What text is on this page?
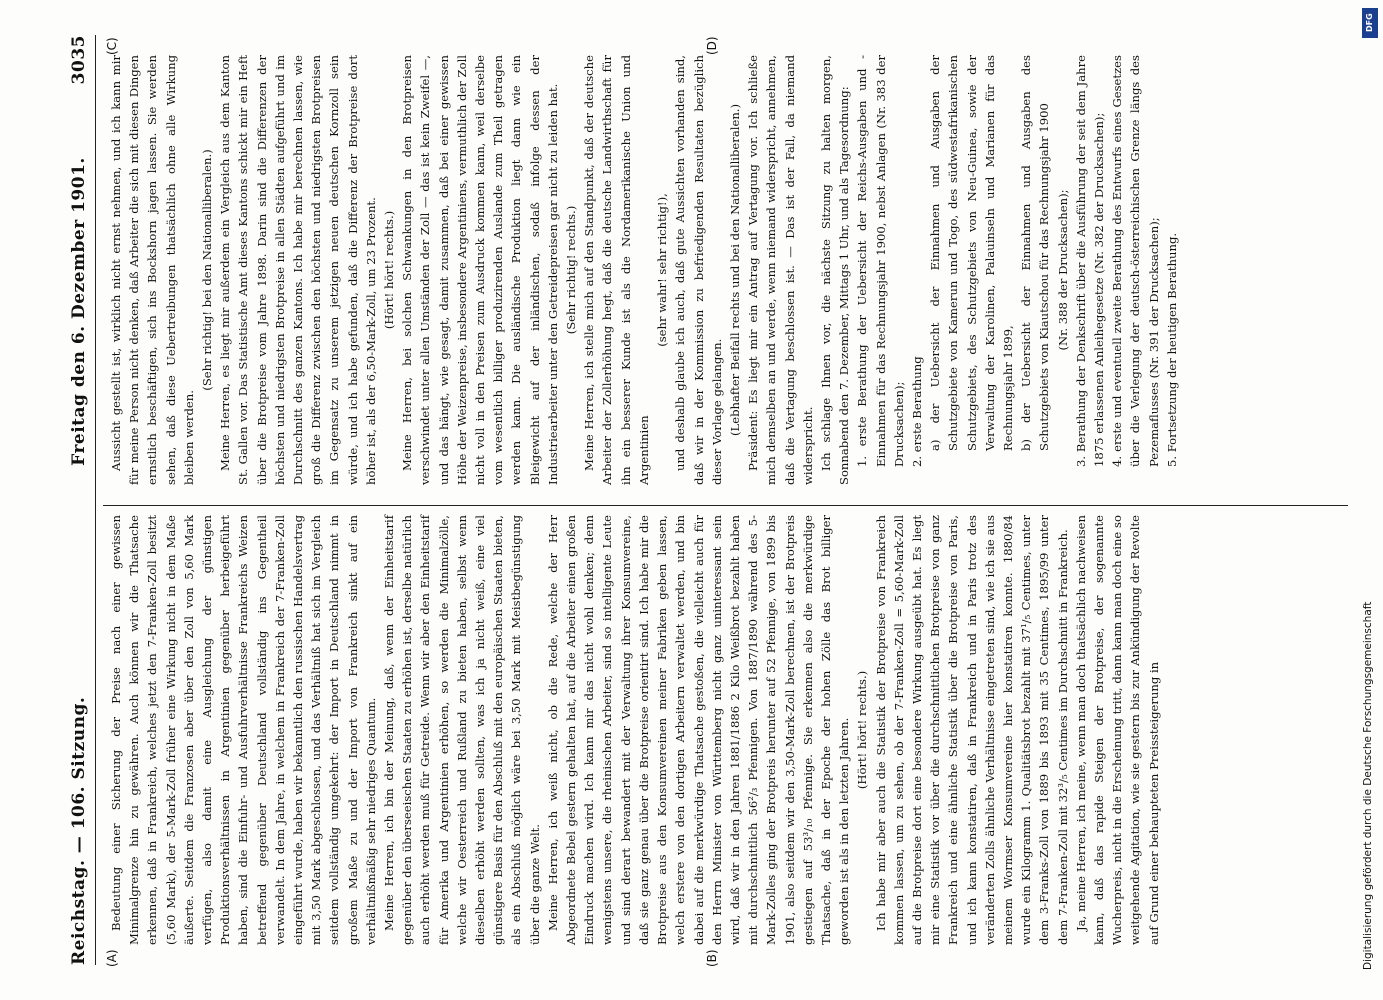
Reichstag. — 106. Sitzung.
Freitag den 6. Dezember 1901.  3035
(A)	(B)
(C)	(D)

Bedeutung einer Sicherung der Preise nach einer gewissen Minimalgrenze hin zu gewähren. Auch können wir die Thatsache erkennen, daß in Frankreich, welches jetzt den 7-Franken-Zoll besitzt (5,60 Mark), der 5-Mark-Zoll früher eine Wirkung nicht in dem Maße äußerte. Seitdem die Franzosen aber über den Zoll von 5,60 Mark verfügen, also damit eine Ausgleichung der günstigen Produktionsverhältnissen in Argentinien gegenüber herbeigeführt haben, sind die Einfuhr- und Ausfuhrverhältnisse Frankreichs Weizen betreffend gegenüber Deutschland vollständig ins Gegentheil verwandelt. In dem Jahre, in welchem in Frankreich der 7-Franken-Zoll eingeführt wurde, haben wir bekanntlich den russischen Handelsvertrag mit 3,50 Mark abgeschlossen, und das Verhältniß hat sich im Vergleich seitdem vollständig umgekehrt: der Import in Deutschland nimmt in großem Maße zu und der Import von Frankreich sinkt auf ein verhältnißmäßig sehr niedriges Quantum. Meine Herren, ich bin der Meinung, daß, wenn der Einheitstarif gegenüber den überseeischen Staaten zu erhöhen ist, derselbe natürlich auch erhöht werden muß für Getreide. Wenn wir aber den Einheitstarif für Amerika und Argentinien erhöhen, so werden die Minimalzölle, welche wir Oesterreich und Rußland zu bieten haben, selbst wenn dieselben erhöht werden sollten, was ich ja nicht weiß, eine viel günstigere Basis für den Abschluß mit den europäischen Staaten bieten, als ein Abschluß möglich wäre bei 3,50 Mark mit Meistbegünstigung über die ganze Welt. Meine Herren, ich weiß nicht, ob die Rede, welche der Herr Abgeordnete Bebel gestern gehalten hat, auf die Arbeiter einen großen Eindruck machen wird. Ich kann mir das nicht wohl denken; denn wenigstens unsere, die rheinischen Arbeiter, sind so intelligente Leute und sind derart bewandert mit der Verwaltung ihrer Konsumvereine, daß sie ganz genau über die Brotpreise orientirt sind. Ich habe mir die Brotpreise aus den Konsumvereinen meiner Fabriken geben lassen, welch erstere von den dortigen Arbeitern verwaltet werden, und bin dabei auf die merkwürdige Thatsache gestoßen, die vielleicht auch für den Herrn Minister von Württemberg nicht ganz uninteressant sein wird, daß wir in den Jahren 1881/1886 2 Kilo Weißbrot bezahlt haben mit durchschnittlich 56²/₃ Pfennigen. Von 1887/1890 während des 5-Mark-Zolles ging der Brotpreis herunter auf 52 Pfennige, von 1899 bis 1901, also seitdem wir den 3,50-Mark-Zoll berechnen, ist der Brotpreis gestiegen auf 53³/₁₀ Pfennige. Sie erkennen also die merkwürdige Thatsache, daß in der Epoche der hohen Zölle das Brot billiger geworden ist als in den letzten Jahren. (Hört! hört! rechts.) Ich habe mir aber auch die Statistik der Brotpreise von Frankreich kommen lassen, um zu sehen, ob der 7-Franken-Zoll = 5,60-Mark-Zoll auf die Brotpreise dort eine besondere Wirkung ausgeübt hat. Es liegt mir eine Statistik vor über die durchschnittlichen Brotpreise von ganz Frankreich und eine ähnliche Statistik über die Brotpreise von Paris, und ich kann konstatiren, daß in Frankreich und in Paris trotz des veränderten Zolls ähnliche Verhältnisse eingetreten sind, wie ich sie aus meinem Wormser Konsumvereine hier konstatiren konnte. 1880/84 wurde ein Kilogramm 1. Qualitätsbrot bezahlt mit 37¹/₅ Centimes, unter dem 3-Franks-Zoll von 1889 bis 1893 mit 35 Centimes, 1895/99 unter dem 7-Franken-Zoll mit 32³/₅ Centimes im Durchschnitt in Frankreich. Ja, meine Herren, ich meine, wenn man doch thatsächlich nachweisen kann, daß das rapide Steigen der Brotpreise, der sogenannte Wucherpreis, nicht in die Erscheinung tritt, dann kann man doch eine so weitgehende Agitation, wie sie gestern bis zur Ankündigung der Revolte auf Grund einer behaupteten Preissteigerung in

Aussicht gestellt ist, wirklich nicht ernst nehmen, und ich kann mir für meine Person nicht denken, daß Arbeiter die sich mit diesen Dingen ernstlich beschäftigen, sich ins Bockshorn jagen lassen. Sie werden sehen, daß diese Uebertreibungen thatsächlich ohne alle Wirkung bleiben werden.

(Sehr richtig! bei den Nationalliberalen.) Meine Herren, es liegt mir außerdem ein Vergleich aus dem Kanton St. Gallen vor. Das Statistische Amt dieses Kantons schickt mir ein Heft über die Brotpreise vom Jahre 1898. Darin sind die Differenzen der höchsten und niedrigsten Brotpreise in allen Städten aufgeführt und im Durchschnitt des ganzen Kantons. Ich habe mir berechnen lassen, wie groß die Differenz zwischen den höchsten und niedrigsten Brotpreisen im Gegensatz zu unserem jetzigen neuen deutschen Kornzoll sein würde, und ich habe gefunden, daß die Differenz der Brotpreise dort höher ist, als der 6,50-Mark-Zoll, um 23 Prozent. (Hört! hört! rechts.) Meine Herren, bei solchen Schwankungen in den Brotpreisen verschwindet unter allen Umständen der Zoll — das ist kein Zweifel —, und das hängt, wie gesagt, damit zusammen, daß bei einer gewissen Höhe der Weizenpreise, insbesondere Argentiniens, vermuthlich der Zoll nicht voll in den Preisen zum Ausdruck kommen kann, weil derselbe vom wesentlich billiger produzirenden Auslande zum Theil getragen werden kann. Die ausländische Produktion liegt dann wie ein Bleigewicht auf der inländischen, sodaß infolge dessen der Industriearbeiter unter den Getreidepreisen gar nicht zu leiden hat. (Sehr richtig! rechts.) Meine Herren, ich stelle mich auf den Standpunkt, daß der deutsche Arbeiter der Zollerhöhung hegt, daß die deutsche Landwirthschaft für ihn ein besserer Kunde ist als die Nordamerikanische Union und Argentinien

(sehr wahr! sehr richtig!), und deshalb glaube ich auch, daß gute Aussichten vorhanden sind, daß wir in der Kommission zu befriedigenden Resultaten bezüglich dieser Vorlage gelangen. (Lebhafter Beifall rechts und bei den Nationalliberalen.) Präsident: Es liegt mir ein Antrag auf Vertagung vor. Ich schließe mich demselben an und werde, wenn niemand widerspricht, annehmen, daß die Vertagung beschlossen ist. — Das ist der Fall, da niemand widerspricht. Ich schlage Ihnen vor, die nächste Sitzung zu halten morgen, Sonnabend den 7. Dezember, Mittags 1 Uhr, und als Tagesordnung: 1. erste Berathung der Uebersicht der Reichs-Ausgaben und -Einnahmen für das Rechnungsjahr 1900, nebst Anlagen (Nr. 383 der Drucksachen); 2. erste Berathung a) der Uebersicht der Einnahmen und Ausgaben der Schutzgebiete von Kamerun und Togo, des südwestafrikanischen Schutzgebiets, des Schutzgebiets von Neu-Guinea, sowie der Verwaltung der Karolinen, Palauinseln und Marianen für das Rechnungsjahr 1899, b) der Uebersicht der Einnahmen und Ausgaben des Schutzgebiets von Kiautschou für das Rechnungsjahr 1900 (Nr. 388 der Drucksachen); 3. Berathung der Denkschrift über die Ausführung der seit dem Jahre 1875 erlassenen Anleihegesetze (Nr. 382 der Drucksachen); 4. erste und eventuell zweite Berathung des Entwurfs eines Gesetzes über die Verlegung der deutsch-österreichischen Grenze längs des Pezemaflusses (Nr. 391 der Drucksachen); 5. Fortsetzung der heutigen Berathung.

DFG
Digitalisierung gefördert durch die Deutsche Forschungsgemeinschaft
